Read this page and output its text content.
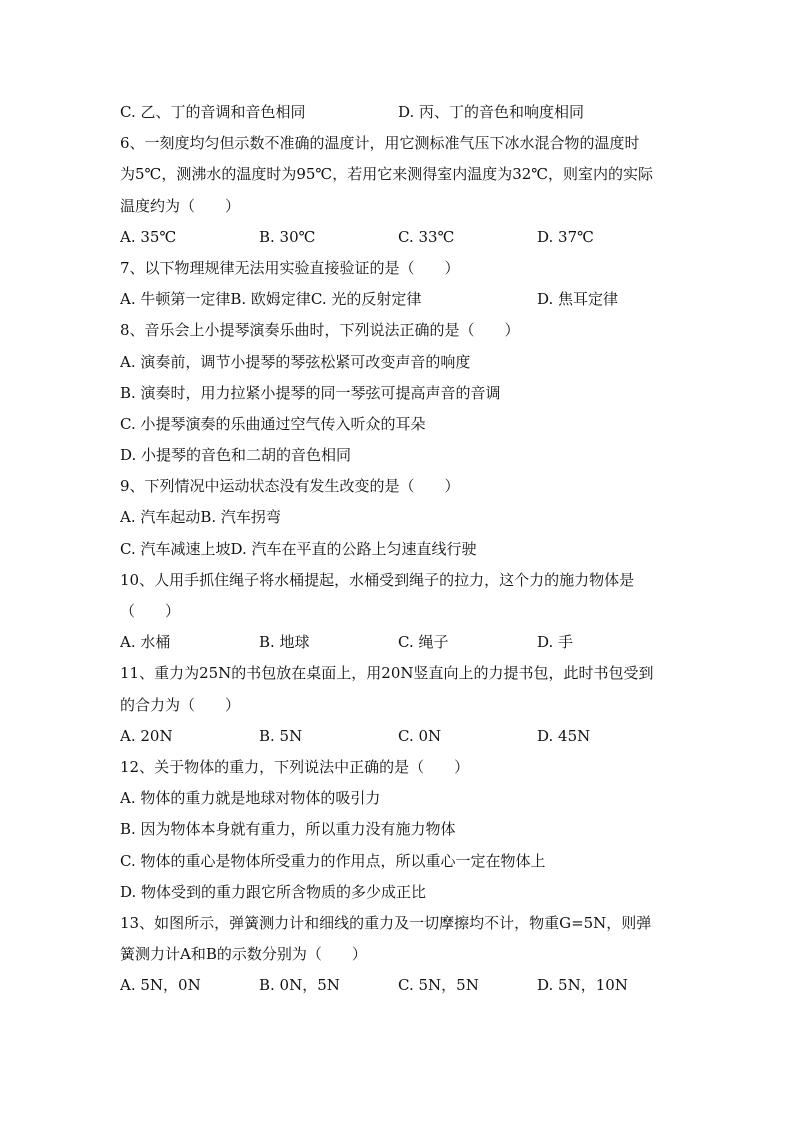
C. 乙、丁的音调和音色相同	D. 丙、丁的音色和响度相同
6、一刻度均匀但示数不准确的温度计，用它测标准气压下冰水混合物的温度时
为5℃，测沸水的温度时为95℃，若用它来测得室内温度为32℃，则室内的实际
温度约为（　　）
A. 35℃	B. 30℃	C. 33℃	D. 37℃
7、以下物理规律无法用实验直接验证的是（　　）
A. 牛顿第一定律B. 欧姆定律C. 光的反射定律	D. 焦耳定律
8、音乐会上小提琴演奏乐曲时，下列说法正确的是（　　）
A. 演奏前，调节小提琴的琴弦松紧可改变声音的响度
B. 演奏时，用力拉紧小提琴的同一琴弦可提高声音的音调
C. 小提琴演奏的乐曲通过空气传入听众的耳朵
D. 小提琴的音色和二胡的音色相同
9、下列情况中运动状态没有发生改变的是（　　）
A. 汽车起动B. 汽车拐弯
C. 汽车减速上坡D. 汽车在平直的公路上匀速直线行驶
10、人用手抓住绳子将水桶提起，水桶受到绳子的拉力，这个力的施力物体是
（　　）
A. 水桶	B. 地球	C. 绳子	D. 手
11、重力为25N的书包放在桌面上，用20N竖直向上的力提书包，此时书包受到
的合力为（　　）
A. 20N	B. 5N	C. 0N	D. 45N
12、关于物体的重力，下列说法中正确的是（　　）
A. 物体的重力就是地球对物体的吸引力
B. 因为物体本身就有重力，所以重力没有施力物体
C. 物体的重心是物体所受重力的作用点，所以重心一定在物体上
D. 物体受到的重力跟它所含物质的多少成正比
13、如图所示，弹簧测力计和细线的重力及一切摩擦均不计，物重G=5N，则弹
簧测力计A和B的示数分别为（　　）
A. 5N，0N	B. 0N，5N	C. 5N，5N	D. 5N，10N
